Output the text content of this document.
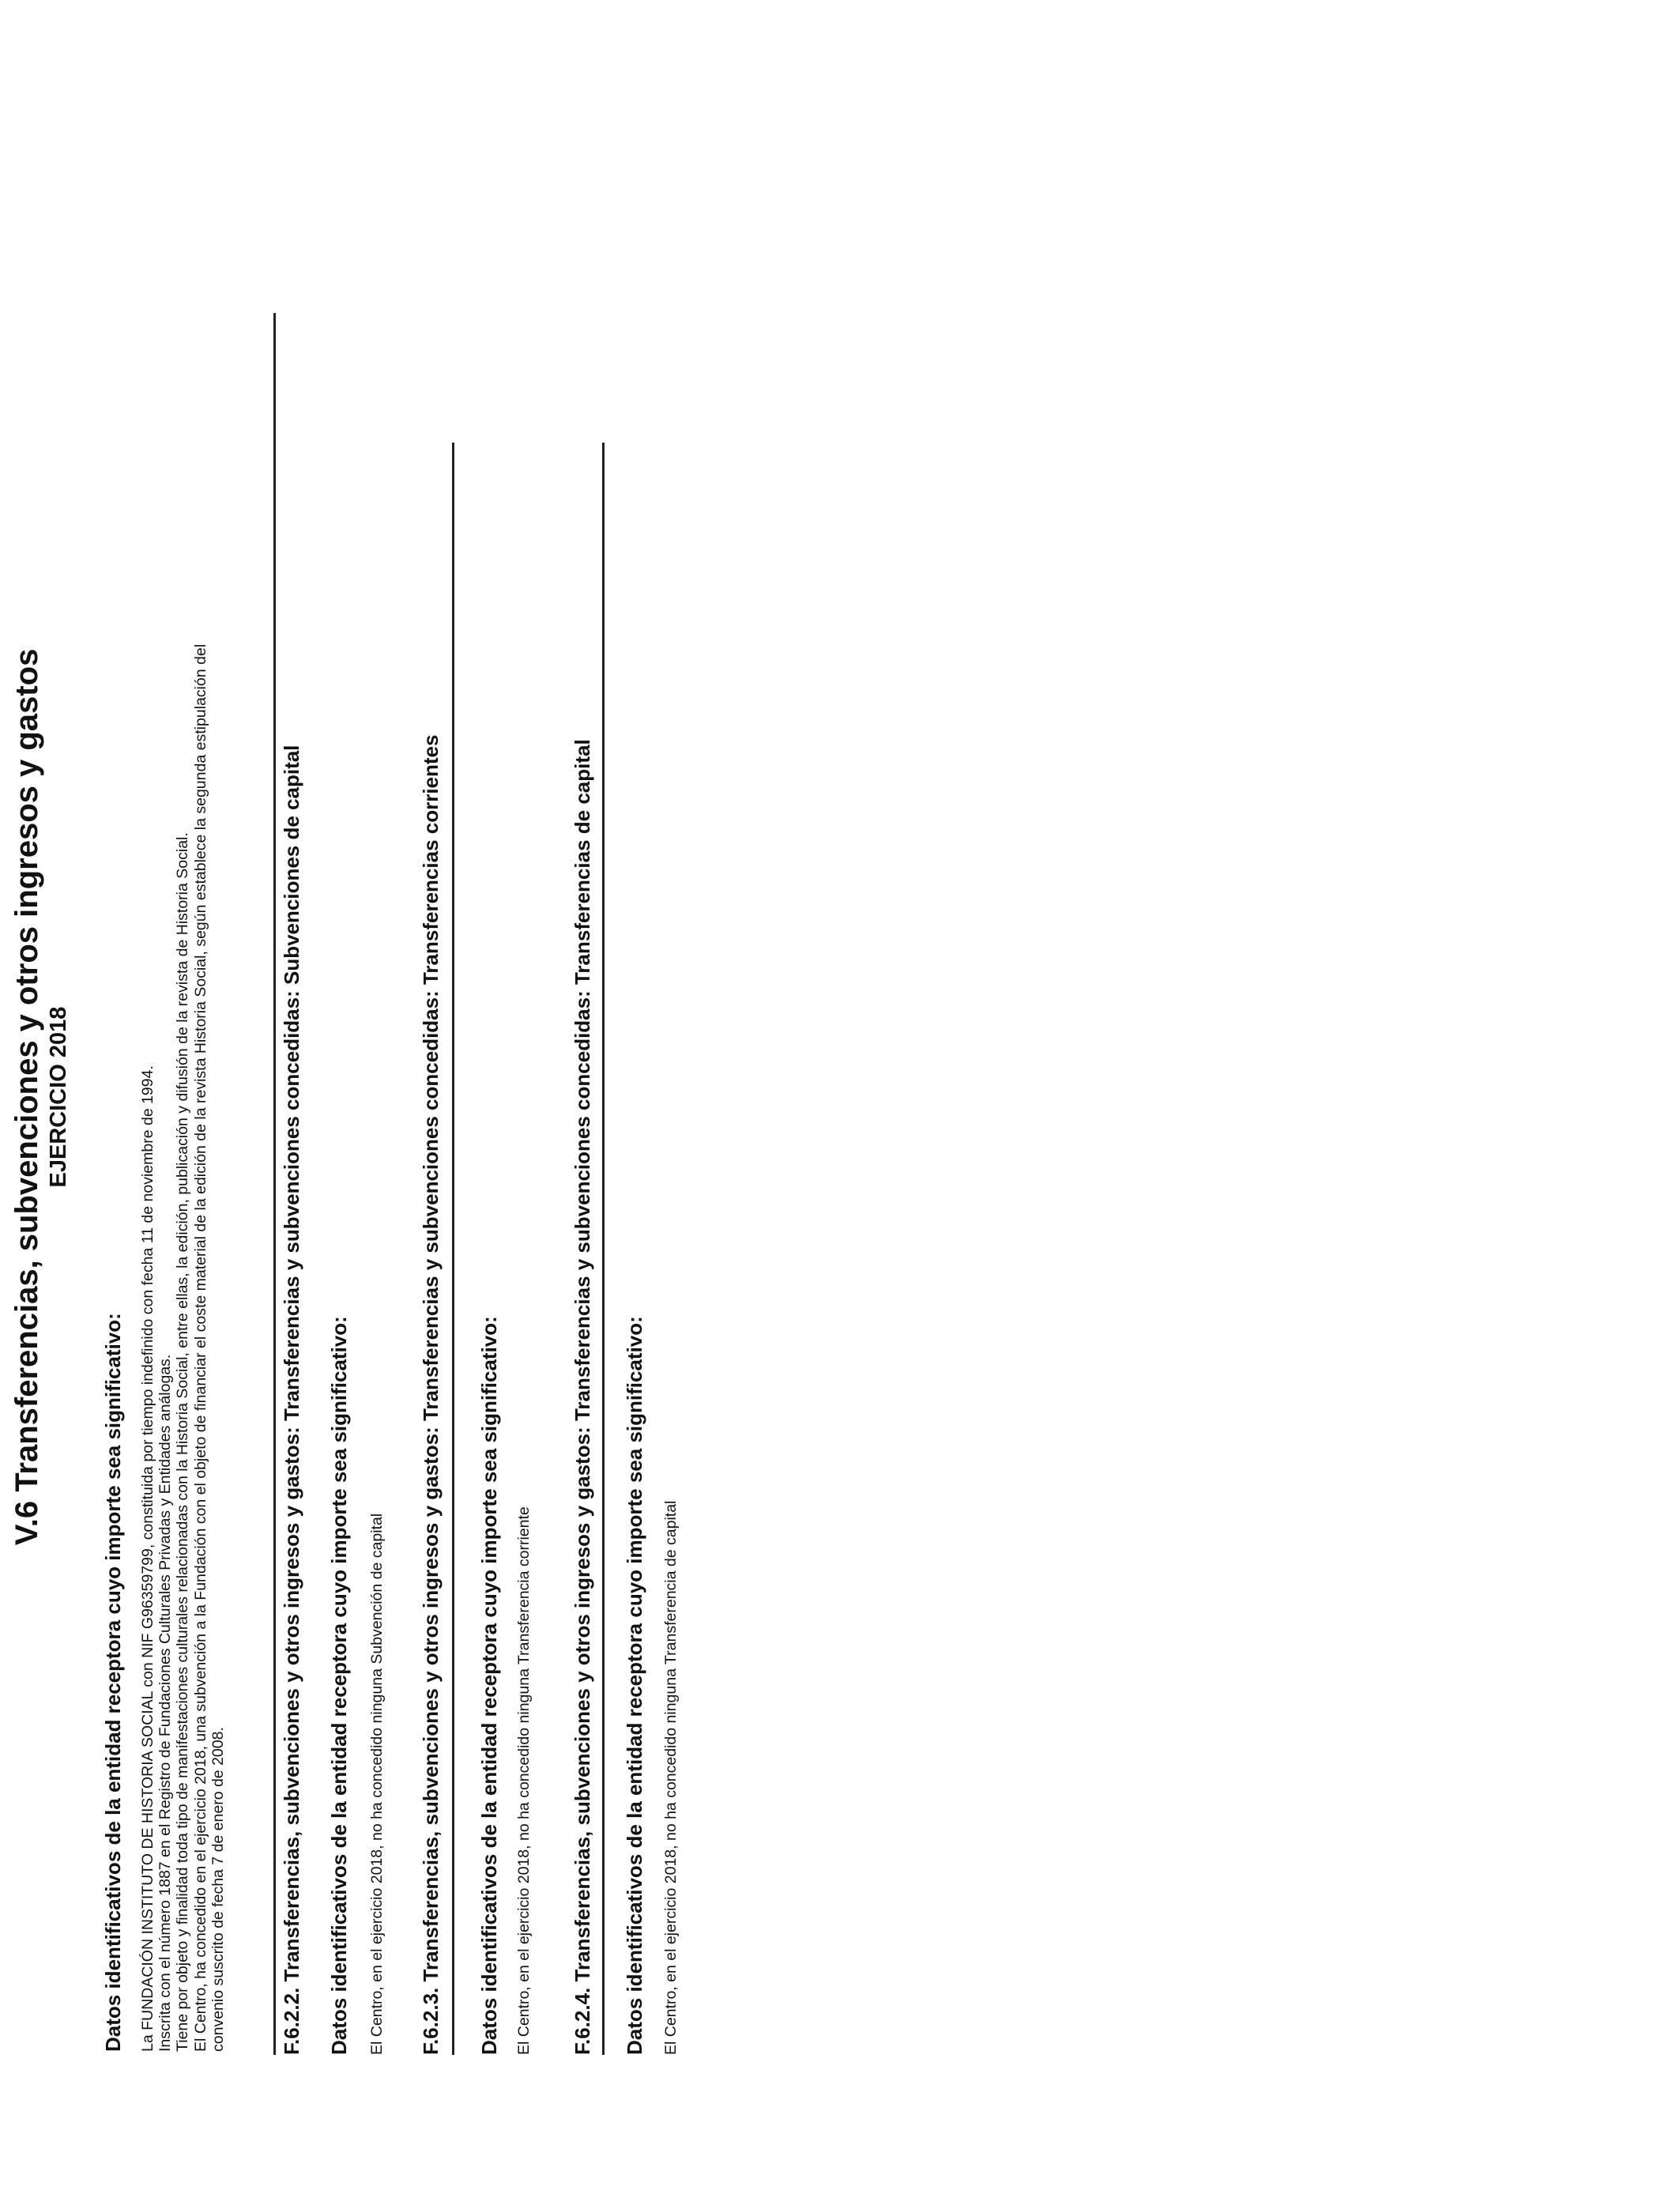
V.6 Transferencias, subvenciones y otros ingresos y gastos EJERCICIO 2018
Datos identificativos de la entidad receptora cuyo importe sea significativo: La FUNDACIÓN INSTITUTO DE HISTORIA SOCIAL con NIF G96359799, constituida por tiempo indefinido con fecha 11 de noviembre de 1994. Inscrita con el número 1887 en el Registro de Fundaciones Culturales Privadas y Entidades análogas. Tiene por objeto y finalidad toda tipo de manifestaciones culturales relacionadas con la Historia Social, entre ellas, la edición, publicación y difusión de la revista de Historia Social. El Centro, ha concedido en el ejercicio 2018, una subvención a la Fundación con el objeto de financiar el coste material de la edición de la revista Historia Social, según establece la segunda estipulación del convenio suscrito de fecha 7 de enero de 2008.	F.6.2.2. Transferencias, subvenciones y otros ingresos y gastos: Transferencias y subvenciones concedidas: Subvenciones de capital Datos identificativos de la entidad receptora cuyo importe sea significativo: El Centro, en el ejercicio 2018, no ha concedido ninguna Subvención de capital F.6.2.3. Transferencias, subvenciones y otros ingresos y gastos: Transferencias y subvenciones concedidas: Transferencias corrientes Datos identificativos de la entidad receptora cuyo importe sea significativo: El Centro, en el ejercicio 2018, no ha concedido ninguna Transferencia corriente F.6.2.4. Transferencias, subvenciones y otros ingresos y gastos: Transferencias y subvenciones concedidas: Transferencias de capital Datos identificativos de la entidad receptora cuyo importe sea significativo: El Centro, en el ejercicio 2018, no ha concedido ninguna Transferencia de capital
